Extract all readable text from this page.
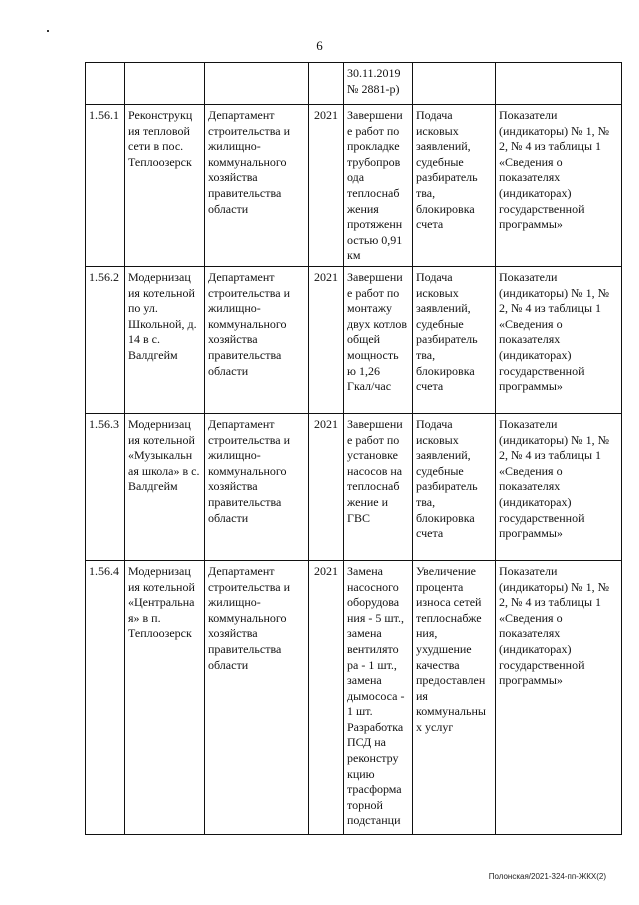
6
				30.11.2019
№ 2881-р)		
1.56.1	Реконструкц ия тепловой сети в пос. Теплоозерск	Департамент строительства и жилищно-коммунального хозяйства правительства области	2021	Завершени е работ по прокладке трубопров ода теплоснаб жения протяженн остью 0,91 км	Подача исковых заявлений, судебные разбиратель тва, блокировка счета	Показатели (индикаторы) № 1, № 2, № 4 из таблицы 1 «Сведения о показателях (индикаторах) государственной программы»
1.56.2	Модернизац ия котельной по ул. Школьной, д. 14 в с. Валдгейм	Департамент строительства и жилищно-коммунального хозяйства правительства области	2021	Завершени е работ по монтажу двух котлов общей мощность ю 1,26 Гкал/час	Подача исковых заявлений, судебные разбиратель тва, блокировка счета	Показатели (индикаторы) № 1, № 2, № 4 из таблицы 1 «Сведения о показателях (индикаторах) государственной программы»
1.56.3	Модернизац ия котельной «Музыкальн ая школа» в с. Валдгейм	Департамент строительства и жилищно-коммунального хозяйства правительства области	2021	Завершени е работ по установке насосов на теплоснаб жение и ГВС	Подача исковых заявлений, судебные разбиратель тва, блокировка счета	Показатели (индикаторы) № 1, № 2, № 4 из таблицы 1 «Сведения о показателях (индикаторах) государственной программы»
1.56.4	Модернизац ия котельной «Центральна я» в п. Теплоозерск	Департамент строительства и жилищно-коммунального хозяйства правительства области	2021	Замена насосного оборудова ния - 5 шт., замена вентилято ра - 1 шт., замена дымососа - 1 шт. Разработка ПСД на реконстру кцию трасформа торной подстанци	Увеличение процента износа сетей теплоснабже ния, ухудшение качества предоставлен ия коммунальны х услуг	Показатели (индикаторы) № 1, № 2, № 4 из таблицы 1 «Сведения о показателях (индикаторах) государственной программы»
Полонская/2021-324-пп-ЖКХ(2)
